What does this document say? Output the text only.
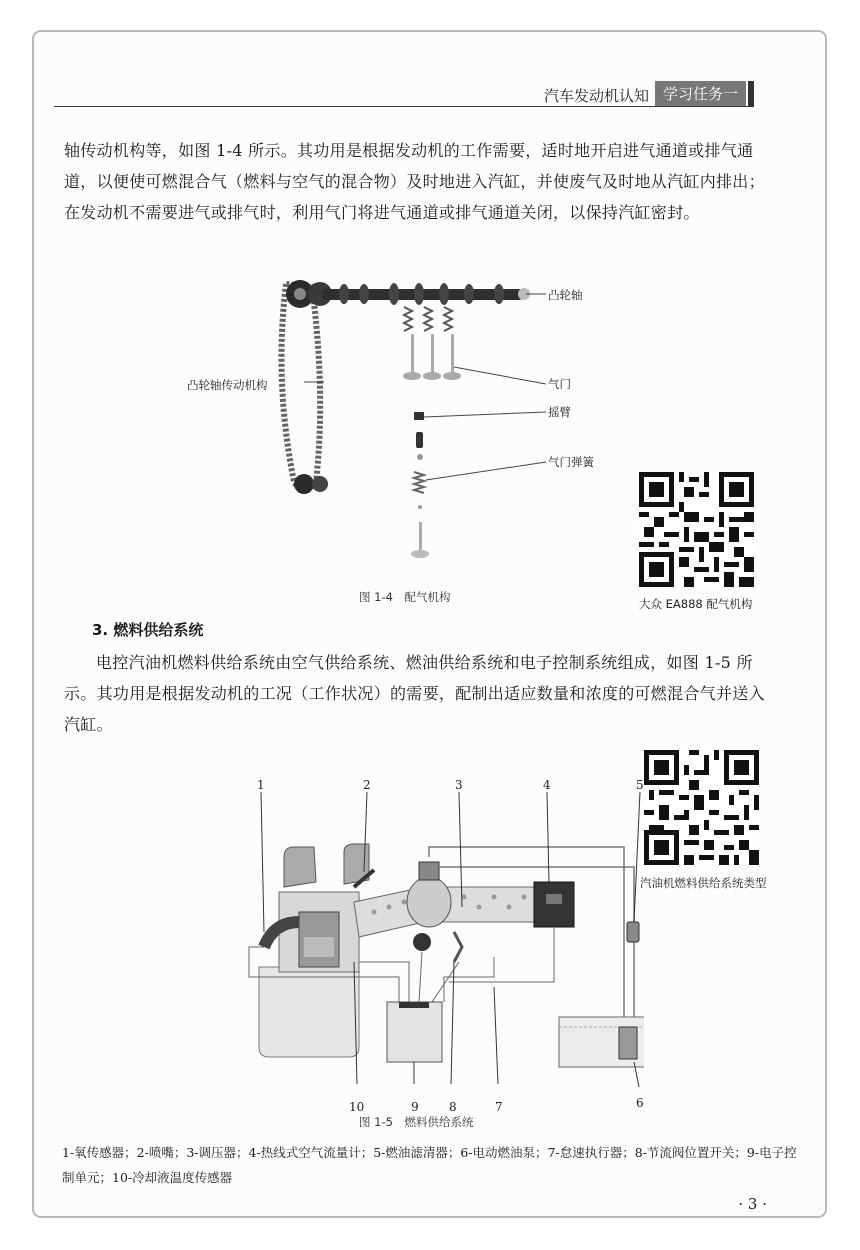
汽车发动机认知 学习任务一

轴传动机构等，如图 1-4 所示。其功用是根据发动机的工作需要，适时地开启进气通道或排气通道，以便使可燃混合气（燃料与空气的混合物）及时地进入汽缸，并使废气及时地从汽缸内排出；在发动机不需要进气或排气时，利用气门将进气通道或排气通道关闭，以保持汽缸密封。

凸轮轴
气门
凸轮轴传动机构
摇臂
气门弹簧
图 1-4　配气机构	大众 EA888 配气机构
3. 燃料供给系统

电控汽油机燃料供给系统由空气供给系统、燃油供给系统和电子控制系统组成，如图 1-5 所示。其功用是根据发动机的工况（工作状况）的需要，配制出适应数量和浓度的可燃混合气并送入汽缸。

汽油机燃料供给系统类型
1	2	3	4	5
6
7
8
9
10
图 1-5　燃料供给系统
1-氧传感器；2-喷嘴；3-调压器；4-热线式空气流量计；5-燃油滤清器；6-电动燃油泵；7-怠速执行器；8-节流阀位置开关；9-电子控制单元；10-冷却液温度传感器
· 3 ·
